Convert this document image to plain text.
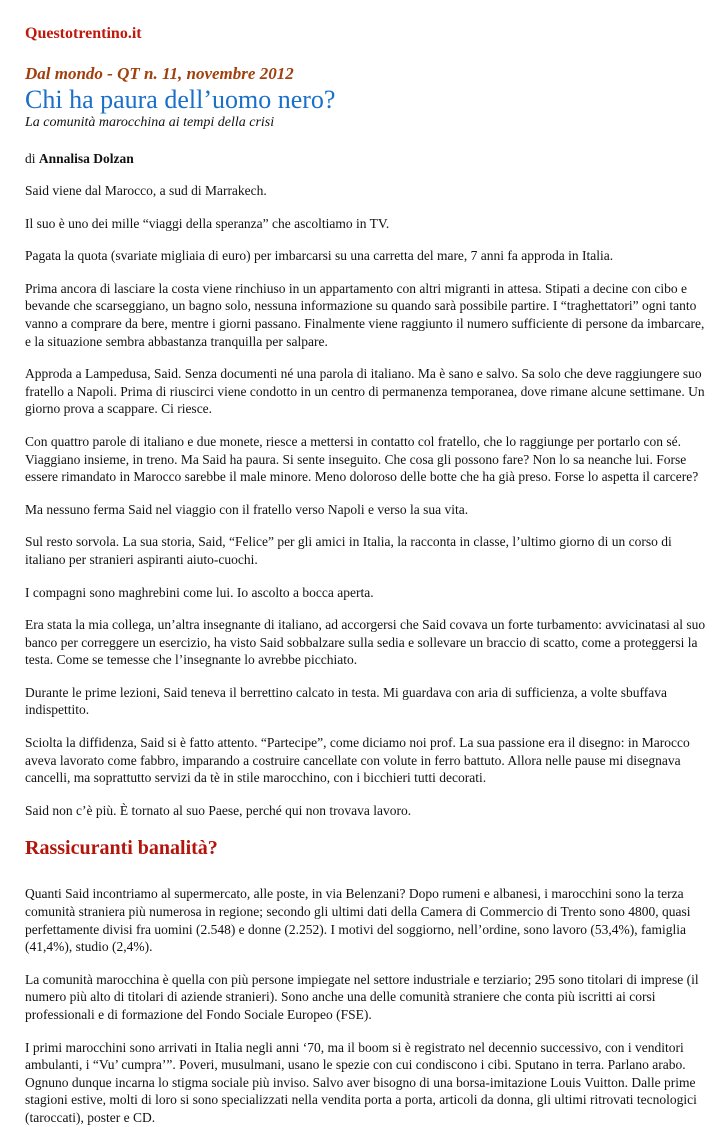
Questotrentino.it
Dal mondo - QT n. 11, novembre 2012
Chi ha paura dell’uomo nero?
La comunità marocchina ai tempi della crisi
di Annalisa Dolzan

Said viene dal Marocco, a sud di Marrakech.

Il suo è uno dei mille “viaggi della speranza” che ascoltiamo in TV.

Pagata la quota (svariate migliaia di euro) per imbarcarsi su una carretta del mare, 7 anni fa approda in Italia.

Prima ancora di lasciare la costa viene rinchiuso in un appartamento con altri migranti in attesa. Stipati a decine con cibo e bevande che scarseggiano, un bagno solo, nessuna informazione su quando sarà possibile partire. I “traghettatori” ogni tanto vanno a comprare da bere, mentre i giorni passano. Finalmente viene raggiunto il numero sufficiente di persone da imbarcare, e la situazione sembra abbastanza tranquilla per salpare.

Approda a Lampedusa, Said. Senza documenti né una parola di italiano. Ma è sano e salvo. Sa solo che deve raggiungere suo fratello a Napoli. Prima di riuscirci viene condotto in un centro di permanenza temporanea, dove rimane alcune settimane. Un giorno prova a scappare. Ci riesce.

Con quattro parole di italiano e due monete, riesce a mettersi in contatto col fratello, che lo raggiunge per portarlo con sé. Viaggiano insieme, in treno. Ma Said ha paura. Si sente inseguito. Che cosa gli possono fare? Non lo sa neanche lui. Forse essere rimandato in Marocco sarebbe il male minore. Meno doloroso delle botte che ha già preso. Forse lo aspetta il carcere?

Ma nessuno ferma Said nel viaggio con il fratello verso Napoli e verso la sua vita.

Sul resto sorvola. La sua storia, Said, “Felice” per gli amici in Italia, la racconta in classe, l’ultimo giorno di un corso di italiano per stranieri aspiranti aiuto-cuochi.

I compagni sono maghrebini come lui. Io ascolto a bocca aperta.

Era stata la mia collega, un’altra insegnante di italiano, ad accorgersi che Said covava un forte turbamento: avvicinatasi al suo banco per correggere un esercizio, ha visto Said sobbalzare sulla sedia e sollevare un braccio di scatto, come a proteggersi la testa. Come se temesse che l’insegnante lo avrebbe picchiato.

Durante le prime lezioni, Said teneva il berrettino calcato in testa. Mi guardava con aria di sufficienza, a volte sbuffava indispettito.

Sciolta la diffidenza, Said si è fatto attento. “Partecipe”, come diciamo noi prof. La sua passione era il disegno: in Marocco aveva lavorato come fabbro, imparando a costruire cancellate con volute in ferro battuto. Allora nelle pause mi disegnava cancelli, ma soprattutto servizi da tè in stile marocchino, con i bicchieri tutti decorati.

Said non c’è più. È tornato al suo Paese, perché qui non trovava lavoro.

Rassicuranti banalità?

Quanti Said incontriamo al supermercato, alle poste, in via Belenzani? Dopo rumeni e albanesi, i marocchini sono la terza comunità straniera più numerosa in regione; secondo gli ultimi dati della Camera di Commercio di Trento sono 4800, quasi perfettamente divisi fra uomini (2.548) e donne (2.252). I motivi del soggiorno, nell’ordine, sono lavoro (53,4%), famiglia (41,4%), studio (2,4%).

La comunità marocchina è quella con più persone impiegate nel settore industriale e terziario; 295 sono titolari di imprese (il numero più alto di titolari di aziende stranieri). Sono anche una delle comunità straniere che conta più iscritti ai corsi professionali e di formazione del Fondo Sociale Europeo (FSE).

I primi marocchini sono arrivati in Italia negli anni ‘70, ma il boom si è registrato nel decennio successivo, con i venditori ambulanti, i “Vu’ cumpra’”. Poveri, musulmani, usano le spezie con cui condiscono i cibi. Sputano in terra. Parlano arabo. Ognuno dunque incarna lo stigma sociale più inviso. Salvo aver bisogno di una borsa-imitazione Louis Vuitton. Dalle prime stagioni estive, molti di loro si sono specializzati nella vendita porta a porta, articoli da donna, gli ultimi ritrovati tecnologici (taroccati), poster e CD.
